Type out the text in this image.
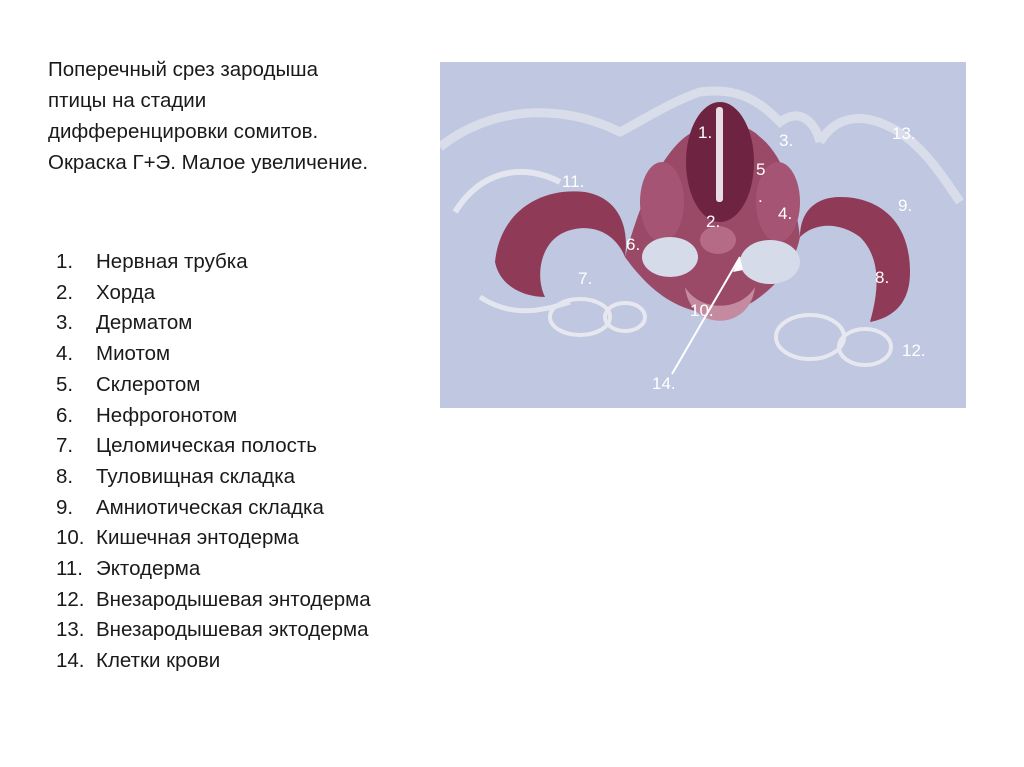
Поперечный срез зародыша
птицы на стадии
дифференцировки сомитов.
Окраска Г+Э. Малое увеличение.
1.	Нервная трубка
2.	Хорда
3.	Дерматом
4.	Миотом
5.	Склеротом
6.	Нефрогонотом
7.	Целомическая полость
8.	Туловищная складка
9.	Амниотическая складка
10. Кишечная энтодерма
11. Эктодерма
12. Внезародышевая энтодерма
13. Внезародышевая эктодерма
14. Клетки крови
1.
2.
3.
4.
5
.
6.
7.	8.
9.
10.
11.
12.
13.
14.
